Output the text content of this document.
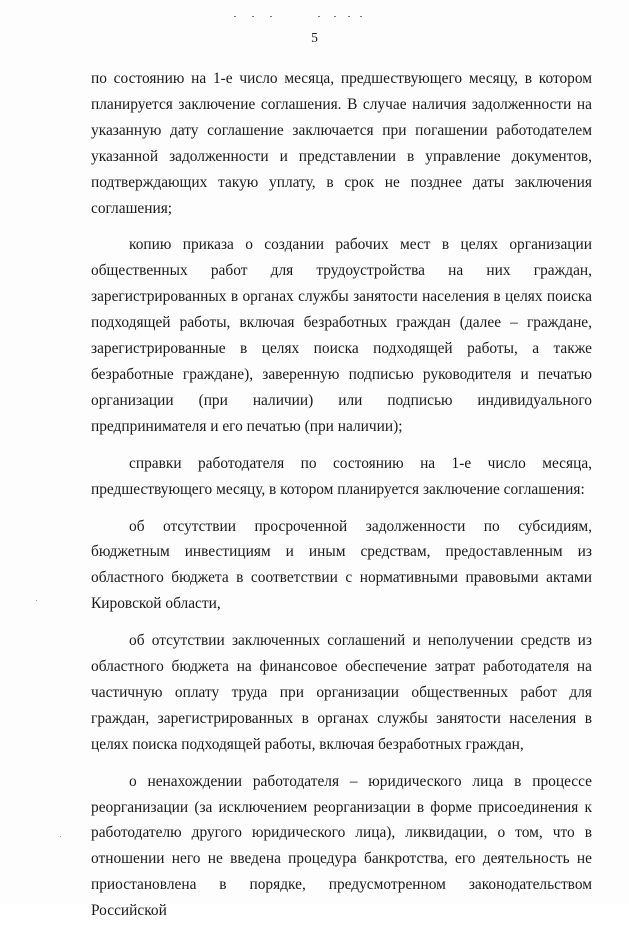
5

по состоянию на 1-е число месяца, предшествующего месяцу, в котором планируется заключение соглашения. В случае наличия задолженности на указанную дату соглашение заключается при погашении работодателем указанной задолженности и представлении в управление документов, подтверждающих такую уплату, в срок не позднее даты заключения соглашения;

копию приказа о создании рабочих мест в целях организации общественных работ для трудоустройства на них граждан, зарегистрированных в органах службы занятости населения в целях поиска подходящей работы, включая безработных граждан (далее – граждане, зарегистрированные в целях поиска подходящей работы, а также безработные граждане), заверенную подписью руководителя и печатью организации (при наличии) или подписью индивидуального предпринимателя и его печатью (при наличии);

справки работодателя по состоянию на 1-е число месяца, предшествующего месяцу, в котором планируется заключение соглашения:

об отсутствии просроченной задолженности по субсидиям, бюджетным инвестициям и иным средствам, предоставленным из областного бюджета в соответствии с нормативными правовыми актами Кировской области,

об отсутствии заключенных соглашений и неполучении средств из областного бюджета на финансовое обеспечение затрат работодателя на частичную оплату труда при организации общественных работ для граждан, зарегистрированных в органах службы занятости населения в целях поиска подходящей работы, включая безработных граждан,

о ненахождении работодателя – юридического лица в процессе реорганизации (за исключением реорганизации в форме присоединения к работодателю другого юридического лица), ликвидации, о том, что в отношении него не введена процедура банкротства, его деятельность не приостановлена в порядке, предусмотренном законодательством Российской
